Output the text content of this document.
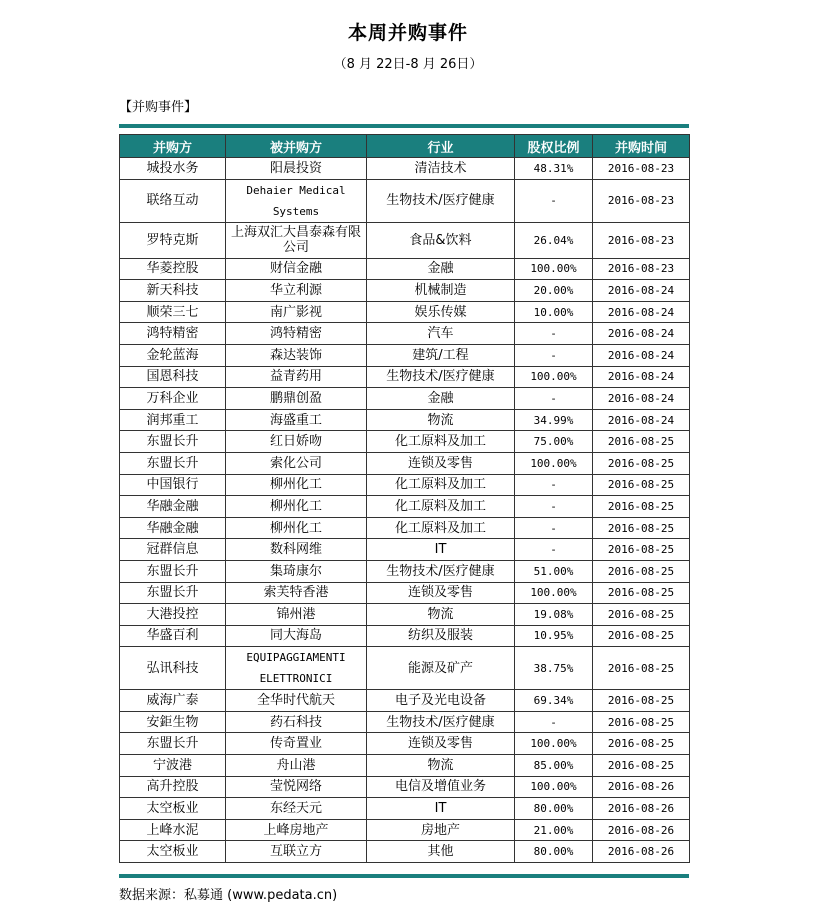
本周并购事件
（8 月 22日-8 月 26日）
【并购事件】
并购方	被并购方	行业	股权比例	并购时间
城投水务	阳晨投资	清洁技术	48.31%	2016-08-23
联络互动	Dehaier Medical Systems	生物技术/医疗健康	-	2016-08-23
罗特克斯	上海双汇大昌泰森有限公司	食品&饮料	26.04%	2016-08-23
华菱控股	财信金融	金融	100.00%	2016-08-23
新天科技	华立利源	机械制造	20.00%	2016-08-24
顺荣三七	南广影视	娱乐传媒	10.00%	2016-08-24
鸿特精密	鸿特精密	汽车	-	2016-08-24
金轮蓝海	森达装饰	建筑/工程	-	2016-08-24
国恩科技	益青药用	生物技术/医疗健康	100.00%	2016-08-24
万科企业	鹏鼎创盈	金融	-	2016-08-24
润邦重工	海盛重工	物流	34.99%	2016-08-24
东盟长升	红日娇吻	化工原料及加工	75.00%	2016-08-25
东盟长升	索化公司	连锁及零售	100.00%	2016-08-25
中国银行	柳州化工	化工原料及加工	-	2016-08-25
华融金融	柳州化工	化工原料及加工	-	2016-08-25
华融金融	柳州化工	化工原料及加工	-	2016-08-25
冠群信息	数科网维	IT	-	2016-08-25
东盟长升	集琦康尔	生物技术/医疗健康	51.00%	2016-08-25
东盟长升	索芙特香港	连锁及零售	100.00%	2016-08-25
大港投控	锦州港	物流	19.08%	2016-08-25
华盛百利	同大海岛	纺织及服装	10.95%	2016-08-25
弘讯科技	EQUIPAGGIAMENTI ELETTRONICI	能源及矿产	38.75%	2016-08-25
威海广泰	全华时代航天	电子及光电设备	69.34%	2016-08-25
安鉅生物	药石科技	生物技术/医疗健康	-	2016-08-25
东盟长升	传奇置业	连锁及零售	100.00%	2016-08-25
宁波港	舟山港	物流	85.00%	2016-08-25
高升控股	莹悦网络	电信及增值业务	100.00%	2016-08-26
太空板业	东经天元	IT	80.00%	2016-08-26
上峰水泥	上峰房地产	房地产	21.00%	2016-08-26
太空板业	互联立方	其他	80.00%	2016-08-26
数据来源：私募通 (www.pedata.cn)
